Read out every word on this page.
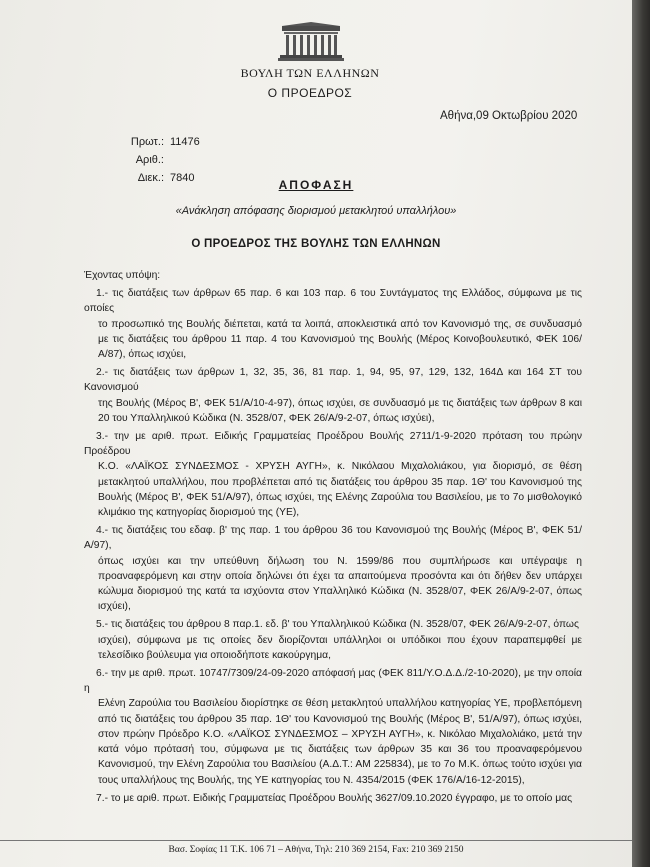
ΒΟΥΛΗ ΤΩΝ ΕΛΛΗΝΩΝ
Ο ΠΡΟΕΔΡΟΣ
Αθήνα,09 Οκτωβρίου 2020
Πρωτ.: 11476
Αριθ.:
Διεκ.: 7840	ΑΠΟΦΑΣΗ
«Ανάκληση απόφασης διορισμού μετακλητού υπαλλήλου»
Ο ΠΡΟΕΔΡΟΣ ΤΗΣ ΒΟΥΛΗΣ ΤΩΝ ΕΛΛΗΝΩΝ
Έχοντας υπόψη:
1.- τις διατάξεις των άρθρων 65 παρ. 6 και 103 παρ. 6 του Συντάγματος της Ελλάδος, σύμφωνα με τις οποίες
το προσωπικό της Βουλής διέπεται, κατά τα λοιπά, αποκλειστικά από τον Κανονισμό της, σε συνδυασμό με τις διατάξεις του άρθρου 11 παρ. 4 του Κανονισμού της Βουλής (Μέρος Κοινοβουλευτικό, ΦΕΚ 106/Α/87), όπως ισχύει,
2.- τις διατάξεις των άρθρων 1, 32, 35, 36, 81 παρ. 1, 94, 95, 97, 129, 132, 164Δ και 164 ΣΤ του Κανονισμού
της Βουλής (Μέρος Β', ΦΕΚ 51/Α/10-4-97), όπως ισχύει, σε συνδυασμό με τις διατάξεις των άρθρων 8 και 20 του Υπαλληλικού Κώδικα (Ν. 3528/07, ΦΕΚ 26/Α/9-2-07, όπως ισχύει),
3.- την με αριθ. πρωτ. Ειδικής Γραμματείας Προέδρου Βουλής 2711/1-9-2020 πρόταση του πρώην Προέδρου
Κ.Ο. «ΛΑΪΚΟΣ ΣΥΝΔΕΣΜΟΣ - ΧΡΥΣΗ ΑΥΓΗ», κ. Νικόλαου Μιχαλολιάκου, για διορισμό, σε θέση μετακλητού υπαλλήλου, που προβλέπεται από τις διατάξεις του άρθρου 35 παρ. 1Θ' του Κανονισμού της Βουλής (Μέρος Β', ΦΕΚ 51/Α/97), όπως ισχύει, της Ελένης Ζαρούλια του Βασιλείου, με το 7ο μισθολογικό κλιμάκιο της κατηγορίας διορισμού της (ΥΕ),
4.- τις διατάξεις του εδαφ. β' της παρ. 1 του άρθρου 36 του Κανονισμού της Βουλής (Μέρος Β', ΦΕΚ 51/Α/97),
όπως ισχύει και την υπεύθυνη δήλωση του Ν. 1599/86 που συμπλήρωσε και υπέγραψε η προαναφερόμενη και στην οποία δηλώνει ότι έχει τα απαιτούμενα προσόντα και ότι δήθεν δεν υπάρχει κώλυμα διορισμού της κατά τα ισχύοντα στον Υπαλληλικό Κώδικα (Ν. 3528/07, ΦΕΚ 26/Α/9-2-07, όπως ισχύει),
5.- τις διατάξεις του άρθρου 8 παρ.1. εδ. β' του Υπαλληλικού Κώδικα (Ν. 3528/07, ΦΕΚ 26/Α/9-2-07, όπως
ισχύει), σύμφωνα με τις οποίες δεν διορίζονται υπάλληλοι οι υπόδικοι που έχουν παραπεμφθεί με τελεσίδικο βούλευμα για οποιοδήποτε κακούργημα,
6.- την με αριθ. πρωτ. 10747/7309/24-09-2020 απόφασή μας (ΦΕΚ 811/Υ.Ο.Δ.Δ./2-10-2020), με την οποία η
Ελένη Ζαρούλια του Βασιλείου διορίστηκε σε θέση μετακλητού υπαλλήλου κατηγορίας ΥΕ, προβλεπόμενη από τις διατάξεις του άρθρου 35 παρ. 1Θ' του Κανονισμού της Βουλής (Μέρος Β', 51/Α/97), όπως ισχύει, στον πρώην Πρόεδρο Κ.Ο. «ΛΑΪΚΟΣ ΣΥΝΔΕΣΜΟΣ – ΧΡΥΣΗ ΑΥΓΗ», κ. Νικόλαο Μιχαλολιάκο, μετά την κατά νόμο πρότασή του, σύμφωνα με τις διατάξεις των άρθρων 35 και 36 του προαναφερόμενου Κανονισμού, την Ελένη Ζαρούλια του Βασιλείου (Α.Δ.Τ.: ΑΜ 225834), με το 7ο Μ.Κ. όπως τούτο ισχύει για τους υπαλλήλους της Βουλής, της ΥΕ κατηγορίας του Ν. 4354/2015 (ΦΕΚ 176/Α/16-12-2015),
7.- το με αριθ. πρωτ. Ειδικής Γραμματείας Προέδρου Βουλής 3627/09.10.2020 έγγραφο, με το οποίο μας
Βασ. Σοφίας 11 Τ.Κ. 106 71 – Αθήνα, Τηλ: 210 369 2154, Fax: 210 369 2150
